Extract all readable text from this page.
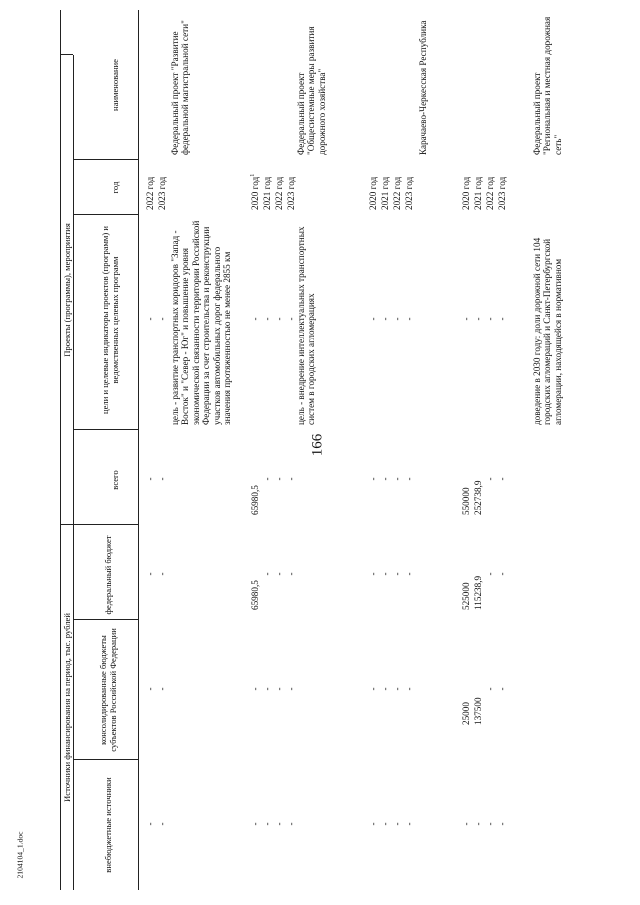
166
2104104_1.doc
Проекты (программы), мероприятия
Источники финансирования на период, тыс. рублей
наименование
год
цели и целевые индикаторы проектов (программ) и ведомственных целевых программ
всего
федеральный бюджет
консолидированные бюджеты субъектов Российской Федерации
внебюджетные источники
2022 год
-
-
-
-
-
2023 год
-
-
-
-
-
Федеральный проект "Развитие федеральной магистральной сети"
цель - развитие транспортных коридоров "Запад - Восток" и "Север - Юг" и повышение уровня экономической связанности территории Российской Федерации за счет строительства и реконструкции участков автомобильных дорог федерального значения протяженностью не менее 2855 км
2020 год$^1$
-
65980,5
65980,5
-
-
2021 год
-
-
-
-
-
2022 год
-
-
-
-
-
2023 год
-
-
-
-
-
Федеральный проект "Общесистемные меры развития дорожного хозяйства"
цель - внедрение интеллектуальных транспортных систем в городских агломерациях
2020 год
-
-
-
-
-
2021 год
-
-
-
-
-
2022 год
-
-
-
-
-
2023 год
-
-
-
-
-
Карачаево-Черкесская Республика
2020 год
-
550000
525000
25000
-
2021 год
-
252738,9
115238,9
137500
-
2022 год
-
-
-
-
-
2023 год
-
-
-
-
-
Федеральный проект "Региональная и местная дорожная сеть"
доведение в 2030 году: доли дорожной сети 104 городских агломераций и Санкт-Петербургской агломерации, находящейся в нормативном
